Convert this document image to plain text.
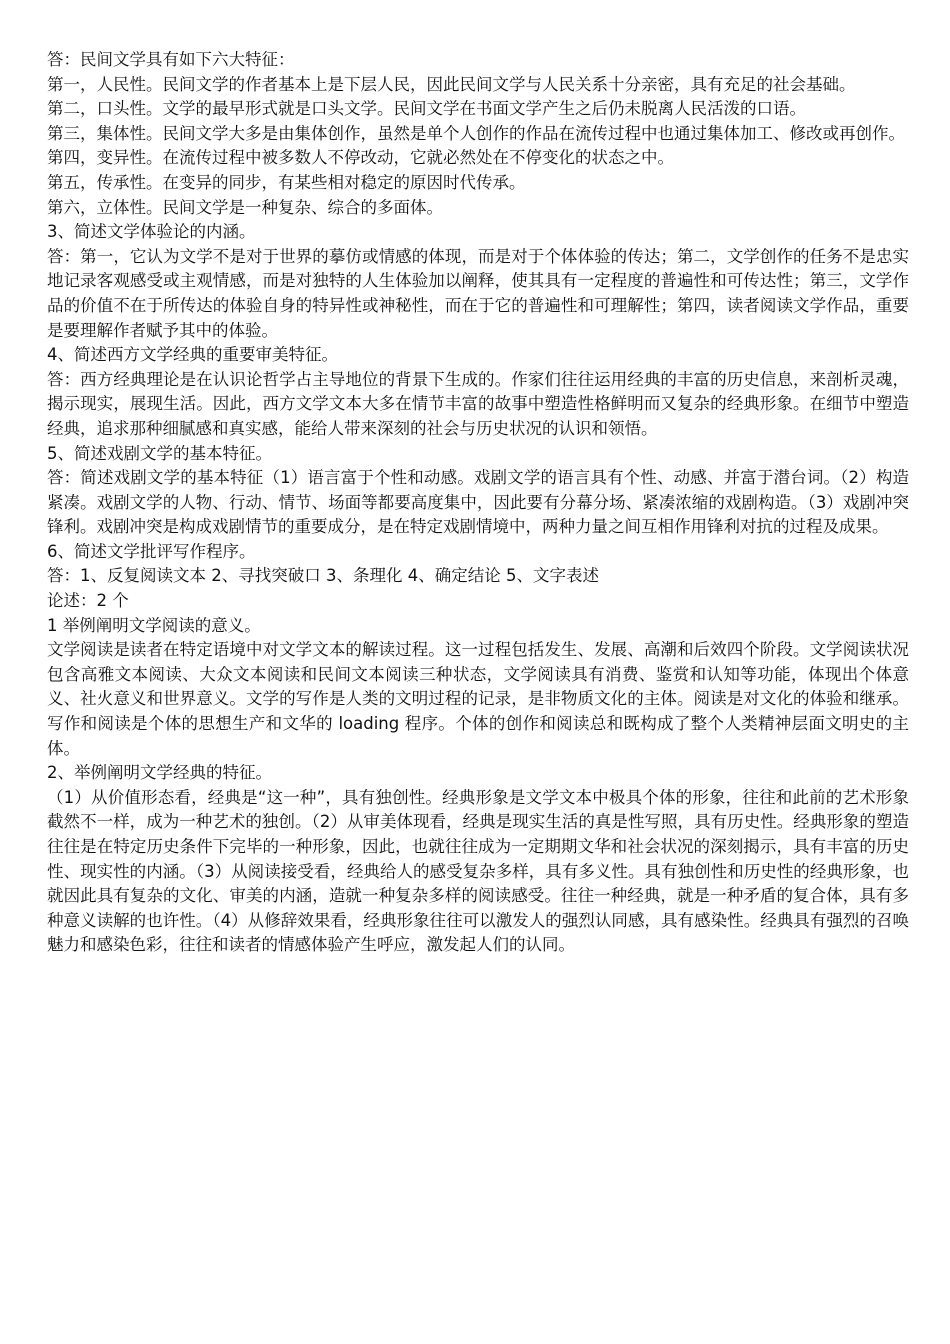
答：民间文学具有如下六大特征：

第一，人民性。民间文学的作者基本上是下层人民，因此民间文学与人民关系十分亲密，具有充足的社会基础。

第二，口头性。文学的最早形式就是口头文学。民间文学在书面文学产生之后仍未脱离人民活泼的口语。

第三，集体性。民间文学大多是由集体创作，虽然是单个人创作的作品在流传过程中也通过集体加工、修改或再创作。

第四，变异性。在流传过程中被多数人不停改动，它就必然处在不停变化的状态之中。

第五，传承性。在变异的同步，有某些相对稳定的原因时代传承。

第六，立体性。民间文学是一种复杂、综合的多面体。

3、简述文学体验论的内涵。

答：第一，它认为文学不是对于世界的摹仿或情感的体现，而是对于个体体验的传达；第二，文学创作的任务不是忠实地记录客观感受或主观情感，而是对独特的人生体验加以阐释，使其具有一定程度的普遍性和可传达性；第三，文学作品的价值不在于所传达的体验自身的特异性或神秘性，而在于它的普遍性和可理解性；第四，读者阅读文学作品，重要是要理解作者赋予其中的体验。

4、简述西方文学经典的重要审美特征。

答：西方经典理论是在认识论哲学占主导地位的背景下生成的。作家们往往运用经典的丰富的历史信息，来剖析灵魂，揭示现实，展现生活。因此，西方文学文本大多在情节丰富的故事中塑造性格鲜明而又复杂的经典形象。在细节中塑造经典，追求那种细腻感和真实感，能给人带来深刻的社会与历史状况的认识和领悟。

5、简述戏剧文学的基本特征。

答：简述戏剧文学的基本特征（1）语言富于个性和动感。戏剧文学的语言具有个性、动感、并富于潜台词。（2）构造紧凑。戏剧文学的人物、行动、情节、场面等都要高度集中，因此要有分幕分场、紧凑浓缩的戏剧构造。（3）戏剧冲突锋利。戏剧冲突是构成戏剧情节的重要成分，是在特定戏剧情境中，两种力量之间互相作用锋利对抗的过程及成果。

6、简述文学批评写作程序。

答：1、反复阅读文本 2、寻找突破口 3、条理化 4、确定结论 5、文字表述

论述：2 个

1 举例阐明文学阅读的意义。

文学阅读是读者在特定语境中对文学文本的解读过程。这一过程包括发生、发展、高潮和后效四个阶段。文学阅读状况包含高雅文本阅读、大众文本阅读和民间文本阅读三种状态，文学阅读具有消费、鉴赏和认知等功能，体现出个体意义、社火意义和世界意义。文学的写作是人类的文明过程的记录，是非物质文化的主体。阅读是对文化的体验和继承。写作和阅读是个体的思想生产和文华的 loading 程序。个体的创作和阅读总和既构成了整个人类精神层面文明史的主体。

2、举例阐明文学经典的特征。

（1）从价值形态看，经典是“这一种”，具有独创性。经典形象是文学文本中极具个体的形象，往往和此前的艺术形象截然不一样，成为一种艺术的独创。（2）从审美体现看，经典是现实生活的真是性写照，具有历史性。经典形象的塑造往往是在特定历史条件下完毕的一种形象，因此，也就往往成为一定期期文华和社会状况的深刻揭示，具有丰富的历史性、现实性的内涵。（3）从阅读接受看，经典给人的感受复杂多样，具有多义性。具有独创性和历史性的经典形象，也就因此具有复杂的文化、审美的内涵，造就一种复杂多样的阅读感受。往往一种经典，就是一种矛盾的复合体，具有多种意义读解的也许性。（4）从修辞效果看，经典形象往往可以激发人的强烈认同感，具有感染性。经典具有强烈的召唤魅力和感染色彩，往往和读者的情感体验产生呼应，激发起人们的认同。
